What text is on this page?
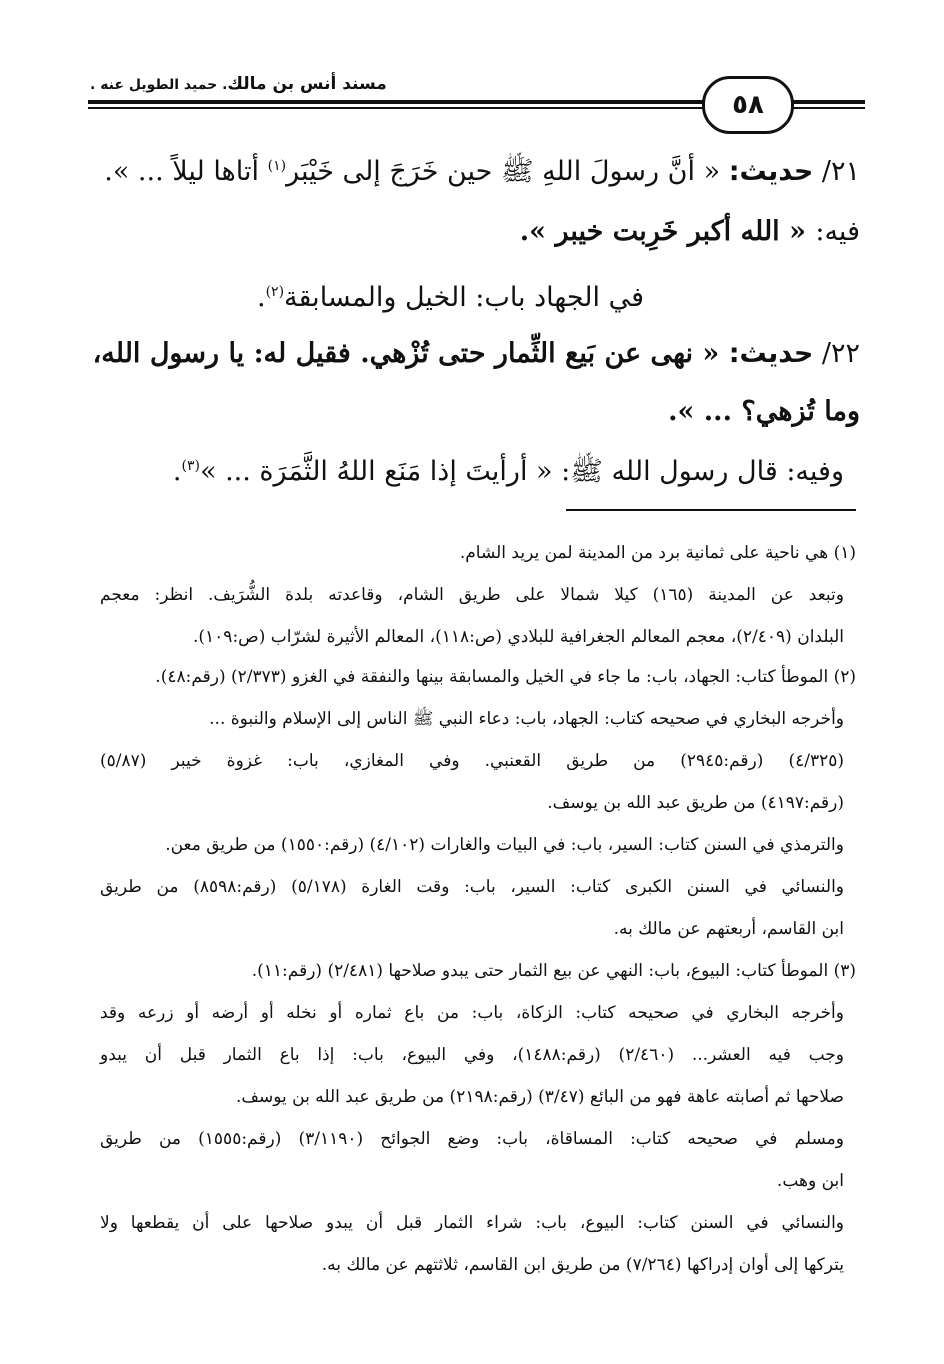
مسند أنس بن مالك. حميد الطويل عنه .
٥٨
٢١/ حديث: « أنَّ رسولَ اللهِ ﷺ حين خَرَجَ إلى خَيْبَر$^{(١)}$ أتاها ليلاً ... ».
فيه: « الله أكبر خَرِبت خيبر ».
في الجهاد باب: الخيل والمسابقة$^{(٢)}$.
٢٢/ حديث: « نهى عن بَيع الثِّمار حتى تُزْهي. فقيل له: يا رسول الله،
وما تُزهي؟ ... ».
وفيه: قال رسول الله ﷺ: « أرأيتَ إذا مَنَع اللهُ الثَّمَرَة ... »$^{(٣)}$.
(١) هي ناحية على ثمانية برد من المدينة لمن يريد الشام.
وتبعد عن المدينة (١٦٥) كيلا شمالا على طريق الشام، وقاعدته بلدة الشُّرَيف. انظر: معجم
البلدان (٢/٤٠٩)، معجم المعالم الجغرافية للبلادي (ص:١١٨)، المعالم الأثيرة لشرّاب (ص:١٠٩).
(٢) الموطأ كتاب: الجهاد، باب: ما جاء في الخيل والمسابقة بينها والنفقة في الغزو (٢/٣٧٣) (رقم:٤٨).
وأخرجه البخاري في صحيحه كتاب: الجهاد، باب: دعاء النبي ﷺ الناس إلى الإسلام والنبوة ...
(٤/٣٢٥) (رقم:٢٩٤٥) من طريق القعنبي. وفي المغازي، باب: غزوة خيبر (٥/٨٧)
(رقم:٤١٩٧) من طريق عبد الله بن يوسف.
والترمذي في السنن كتاب: السير، باب: في البيات والغارات (٤/١٠٢) (رقم:١٥٥٠) من طريق معن.
والنسائي في السنن الكبرى كتاب: السير، باب: وقت الغارة (٥/١٧٨) (رقم:٨٥٩٨) من طريق
ابن القاسم، أربعتهم عن مالك به.
(٣) الموطأ كتاب: البيوع، باب: النهي عن بيع الثمار حتى يبدو صلاحها (٢/٤٨١) (رقم:١١).
وأخرجه البخاري في صحيحه كتاب: الزكاة، باب: من باع ثماره أو نخله أو أرضه أو زرعه وقد
وجب فيه العشر... (٢/٤٦٠) (رقم:١٤٨٨)، وفي البيوع، باب: إذا باع الثمار قبل أن يبدو
صلاحها ثم أصابته عاهة فهو من البائع (٣/٤٧) (رقم:٢١٩٨) من طريق عبد الله بن يوسف.
ومسلم في صحيحه كتاب: المساقاة، باب: وضع الجوائح (٣/١١٩٠) (رقم:١٥٥٥) من طريق
ابن وهب.
والنسائي في السنن كتاب: البيوع، باب: شراء الثمار قبل أن يبدو صلاحها على أن يقطعها ولا
يتركها إلى أوان إدراكها (٧/٢٦٤) من طريق ابن القاسم، ثلاثتهم عن مالك به.
